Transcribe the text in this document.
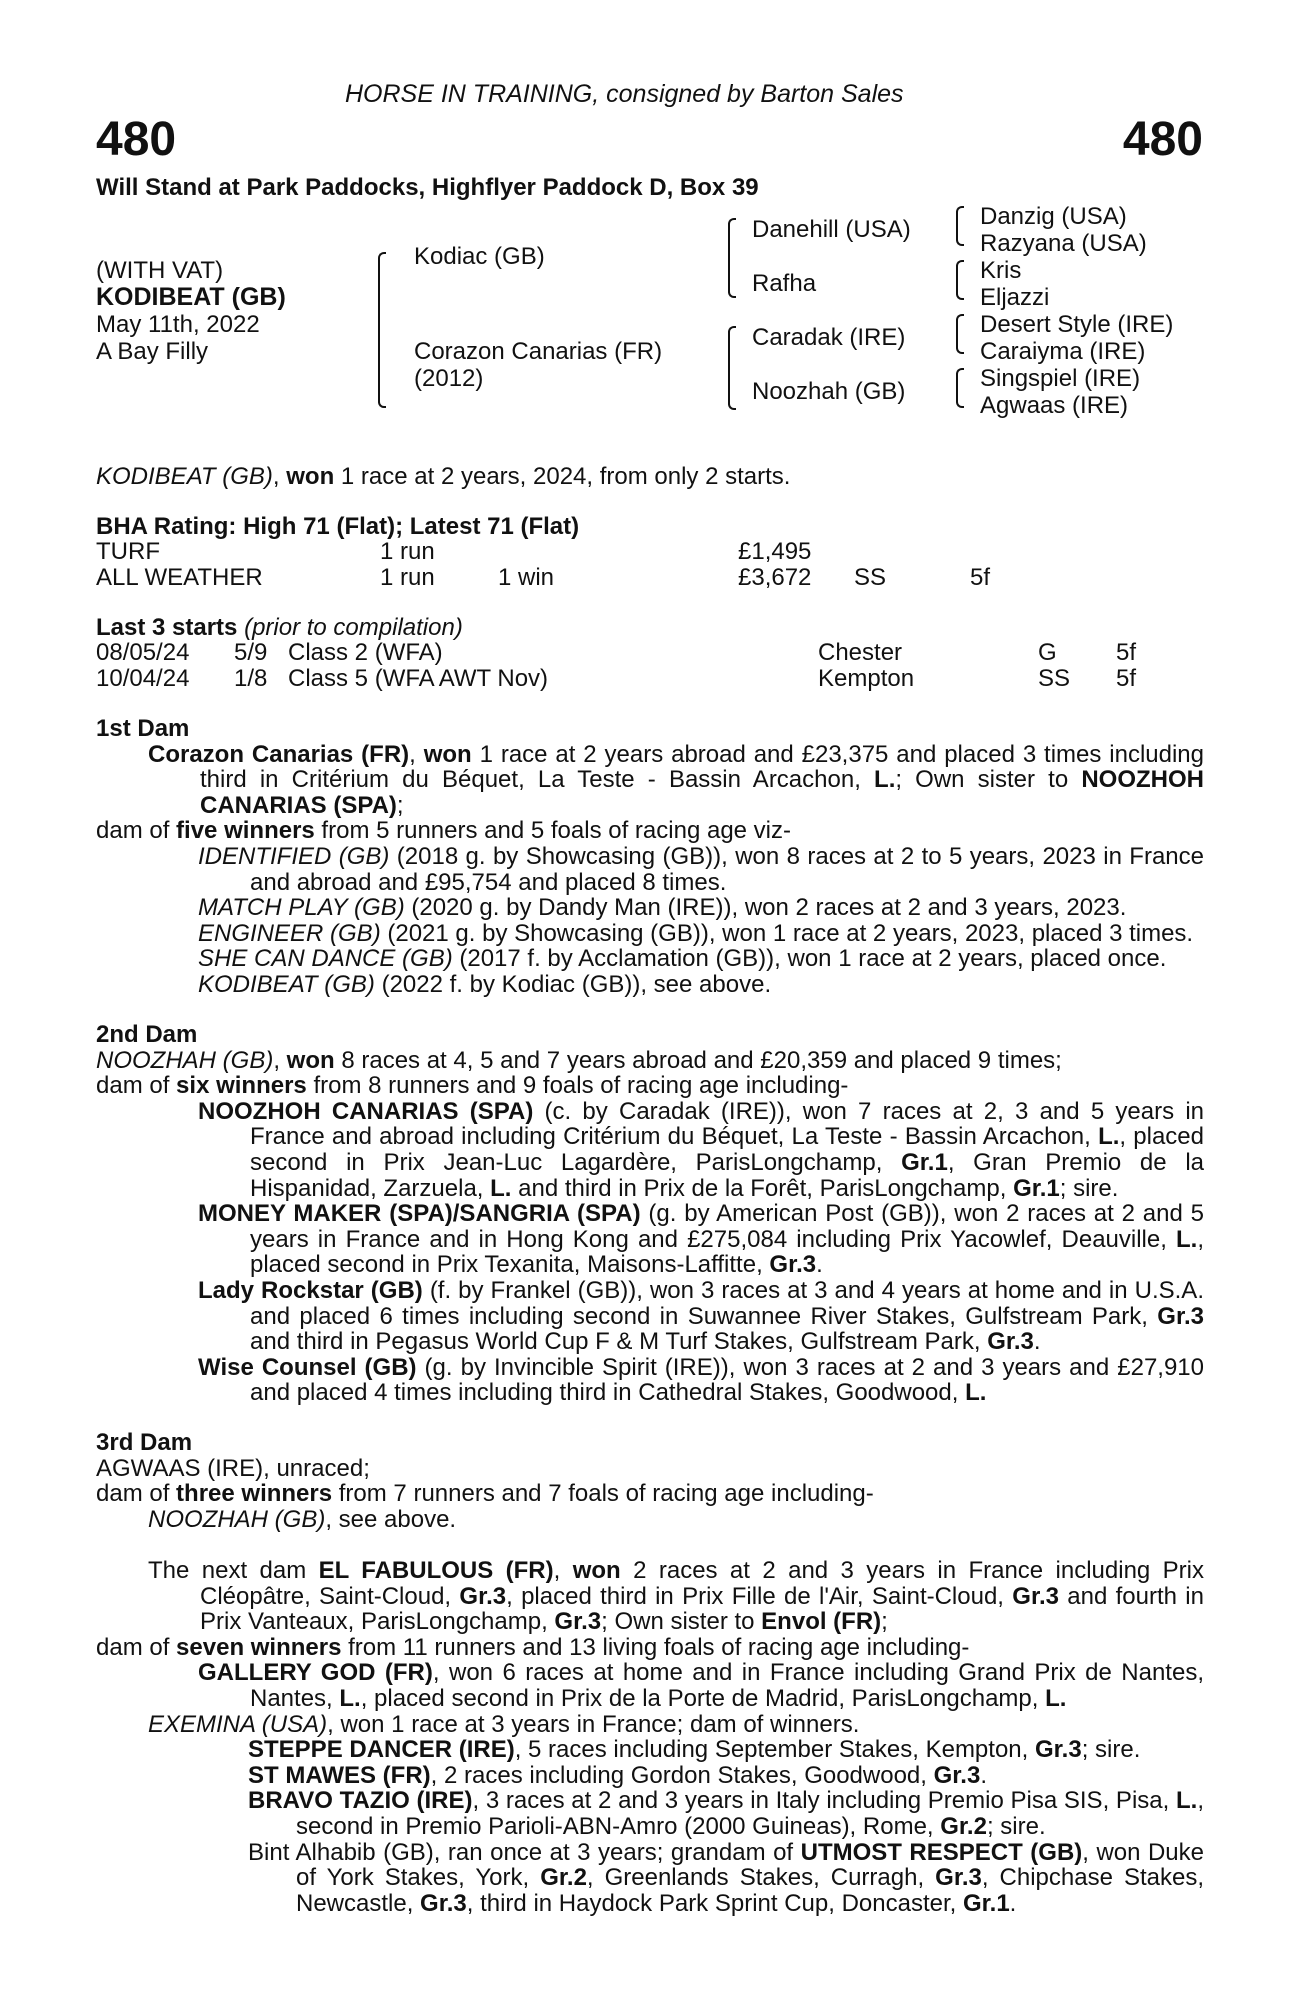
HORSE IN TRAINING, consigned by Barton Sales
480	480
Will Stand at Park Paddocks, Highflyer Paddock D, Box 39
(WITH VAT)
KODIBEAT (GB)
May 11th, 2022
A Bay Filly
Kodiac (GB)
Corazon Canarias (FR)
(2012)
Danehill (USA)
Rafha
Caradak (IRE)
Noozhah (GB)
Danzig (USA)
Razyana (USA)
Kris
Eljazzi
Desert Style (IRE)
Caraiyma (IRE)
Singspiel (IRE)
Agwaas (IRE)
KODIBEAT (GB), won 1 race at 2 years, 2024, from only 2 starts.
BHA Rating: High 71 (Flat); Latest 71 (Flat)
TURF	1 run	£1,495
ALL WEATHER	1 run	1 win	£3,672 SS	5f
Last 3 starts (prior to compilation)
08/05/24 5/9 Class 2 (WFA)	Chester	G 5f
10/04/24 1/8 Class 5 (WFA AWT Nov)	Kempton	SS 5f
1st Dam
Corazon Canarias (FR), won 1 race at 2 years abroad and £23,375 and placed 3 times including third in Critérium du Béquet, La Teste - Bassin Arcachon, L.; Own sister to NOOZHOH CANARIAS (SPA);
dam of five winners from 5 runners and 5 foals of racing age viz-
IDENTIFIED (GB) (2018 g. by Showcasing (GB)), won 8 races at 2 to 5 years, 2023 in France and abroad and £95,754 and placed 8 times.
MATCH PLAY (GB) (2020 g. by Dandy Man (IRE)), won 2 races at 2 and 3 years, 2023.
ENGINEER (GB) (2021 g. by Showcasing (GB)), won 1 race at 2 years, 2023, placed 3 times.
SHE CAN DANCE (GB) (2017 f. by Acclamation (GB)), won 1 race at 2 years, placed once.
KODIBEAT (GB) (2022 f. by Kodiac (GB)), see above.
2nd Dam
NOOZHAH (GB), won 8 races at 4, 5 and 7 years abroad and £20,359 and placed 9 times;
dam of six winners from 8 runners and 9 foals of racing age including-
NOOZHOH CANARIAS (SPA) (c. by Caradak (IRE)), won 7 races at 2, 3 and 5 years in France and abroad including Critérium du Béquet, La Teste - Bassin Arcachon, L., placed second in Prix Jean-Luc Lagardère, ParisLongchamp, Gr.1, Gran Premio de la Hispanidad, Zarzuela, L. and third in Prix de la Forêt, ParisLongchamp, Gr.1; sire.
MONEY MAKER (SPA)/SANGRIA (SPA) (g. by American Post (GB)), won 2 races at 2 and 5 years in France and in Hong Kong and £275,084 including Prix Yacowlef, Deauville, L., placed second in Prix Texanita, Maisons-Laffitte, Gr.3.
Lady Rockstar (GB) (f. by Frankel (GB)), won 3 races at 3 and 4 years at home and in U.S.A. and placed 6 times including second in Suwannee River Stakes, Gulfstream Park, Gr.3 and third in Pegasus World Cup F & M Turf Stakes, Gulfstream Park, Gr.3.
Wise Counsel (GB) (g. by Invincible Spirit (IRE)), won 3 races at 2 and 3 years and £27,910 and placed 4 times including third in Cathedral Stakes, Goodwood, L.
3rd Dam
AGWAAS (IRE), unraced;
dam of three winners from 7 runners and 7 foals of racing age including-
NOOZHAH (GB), see above.
The next dam EL FABULOUS (FR), won 2 races at 2 and 3 years in France including Prix Cléopâtre, Saint-Cloud, Gr.3, placed third in Prix Fille de l'Air, Saint-Cloud, Gr.3 and fourth in Prix Vanteaux, ParisLongchamp, Gr.3; Own sister to Envol (FR);
dam of seven winners from 11 runners and 13 living foals of racing age including-
GALLERY GOD (FR), won 6 races at home and in France including Grand Prix de Nantes, Nantes, L., placed second in Prix de la Porte de Madrid, ParisLongchamp, L.
EXEMINA (USA), won 1 race at 3 years in France; dam of winners.
STEPPE DANCER (IRE), 5 races including September Stakes, Kempton, Gr.3; sire.
ST MAWES (FR), 2 races including Gordon Stakes, Goodwood, Gr.3.
BRAVO TAZIO (IRE), 3 races at 2 and 3 years in Italy including Premio Pisa SIS, Pisa, L., second in Premio Parioli-ABN-Amro (2000 Guineas), Rome, Gr.2; sire.
Bint Alhabib (GB), ran once at 3 years; grandam of UTMOST RESPECT (GB), won Duke of York Stakes, York, Gr.2, Greenlands Stakes, Curragh, Gr.3, Chipchase Stakes, Newcastle, Gr.3, third in Haydock Park Sprint Cup, Doncaster, Gr.1.
